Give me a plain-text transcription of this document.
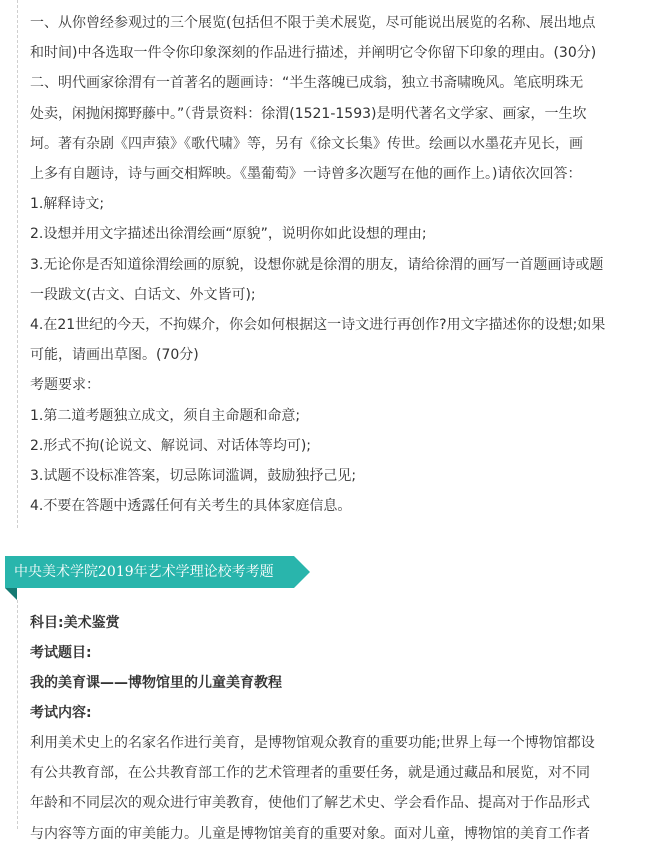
一、从你曾经参观过的三个展览(包括但不限于美术展览，尽可能说出展览的名称、展出地点
和时间)中各选取一件令你印象深刻的作品进行描述，并阐明它令你留下印象的理由。(30分)
二、明代画家徐渭有一首著名的题画诗：“半生落魄已成翁，独立书斋啸晚风。笔底明珠无
处卖，闲抛闲掷野藤中。”（背景资料：徐渭(1521-1593)是明代著名文学家、画家，一生坎
坷。著有杂剧《四声猿》《歌代啸》等，另有《徐文长集》传世。绘画以水墨花卉见长，画
上多有自题诗，诗与画交相辉映。《墨葡萄》一诗曾多次题写在他的画作上。)请依次回答：
1.解释诗文;
2.设想并用文字描述出徐渭绘画“原貌”，说明你如此设想的理由;
3.无论你是否知道徐渭绘画的原貌，设想你就是徐渭的朋友，请给徐渭的画写一首题画诗或题
一段跋文(古文、白话文、外文皆可);
4.在21世纪的今天，不拘媒介，你会如何根据这一诗文进行再创作?用文字描述你的设想;如果
可能，请画出草图。(70分)
考题要求：
1.第二道考题独立成文，须自主命题和命意;
2.形式不拘(论说文、解说词、对话体等均可);
3.试题不设标准答案，切忌陈词滥调，鼓励独抒己见;
4.不要在答题中透露任何有关考生的具体家庭信息。
中央美术学院2019年艺术学理论校考考题
科目:美术鉴赏
考试题目:
我的美育课——博物馆里的儿童美育教程
考试内容:
利用美术史上的名家名作进行美育，是博物馆观众教育的重要功能;世界上每一个博物馆都设
有公共教育部，在公共教育部工作的艺术管理者的重要任务，就是通过藏品和展览，对不同
年龄和不同层次的观众进行审美教育，使他们了解艺术史、学会看作品、提高对于作品形式
与内容等方面的审美能力。儿童是博物馆美育的重要对象。面对儿童，博物馆的美育工作者
